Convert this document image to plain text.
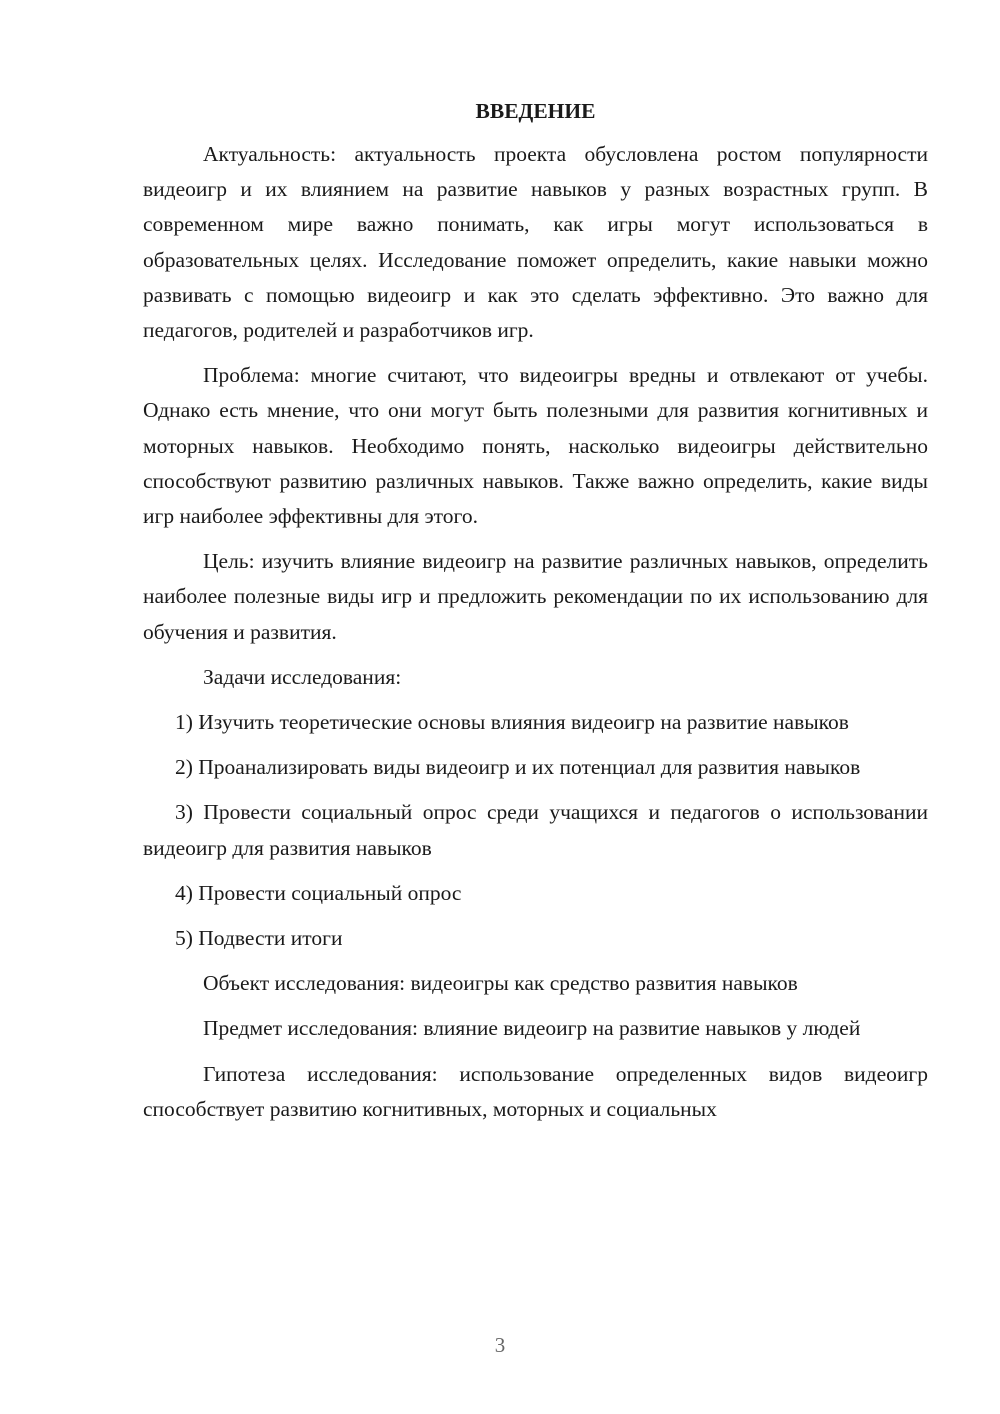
ВВЕДЕНИЕ

Актуальность: актуальность проекта обусловлена ростом популярности видеоигр и их влиянием на развитие навыков у разных возрастных групп. В современном мире важно понимать, как игры могут использоваться в образовательных целях. Исследование поможет определить, какие навыки можно развивать с помощью видеоигр и как это сделать эффективно. Это важно для педагогов, родителей и разработчиков игр.

Проблема: многие считают, что видеоигры вредны и отвлекают от учебы. Однако есть мнение, что они могут быть полезными для развития когнитивных и моторных навыков. Необходимо понять, насколько видеоигры действительно способствуют развитию различных навыков. Также важно определить, какие виды игр наиболее эффективны для этого.

Цель: изучить влияние видеоигр на развитие различных навыков, определить наиболее полезные виды игр и предложить рекомендации по их использованию для обучения и развития.

Задачи исследования:

1) Изучить теоретические основы влияния видеоигр на развитие навыков

2) Проанализировать виды видеоигр и их потенциал для развития навыков

3) Провести социальный опрос среди учащихся и педагогов о использовании видеоигр для развития навыков

4) Провести социальный опрос

5) Подвести итоги

Объект исследования: видеоигры как средство развития навыков

Предмет исследования: влияние видеоигр на развитие навыков у людей

Гипотеза исследования: использование определенных видов видеоигр способствует развитию когнитивных, моторных и социальных

3
